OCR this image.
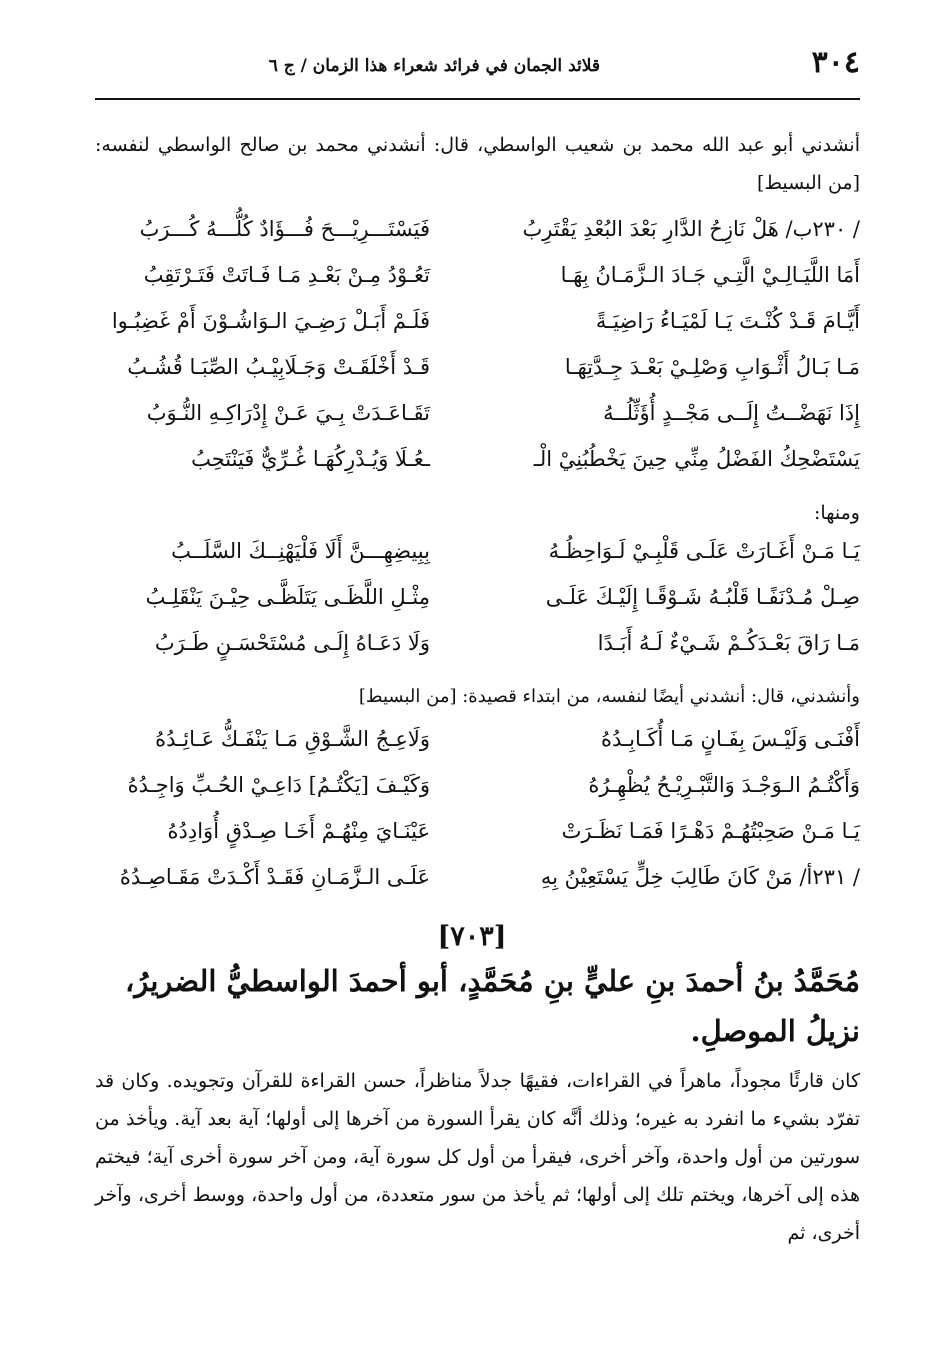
٣٠٤
قلائد الجمان في فرائد شعراء هذا الزمان / ج ٦

أنشدني أبو عبد الله محمد بن شعيب الواسطي، قال: أنشدني محمد بن صالح الواسطي لنفسه: [من البسيط]

/ ٢٣٠ب/ هَلْ نَازِحُ الدَّارِ بَعْدَ البُعْدِ يَقْتَرِبُ
فَيَسْتَـــرِيْـــحَ فُـــؤَادٌ كُلُّـــهُ كُـــرَبُ
أَمَا اللَّيَـالِـيْ الَّتِـي جَـادَ الـزَّمَـانُ بِهَـا
تَعُـوْدُ مِـنْ بَعْـدِ مَـا فَـاتَتْ فَتَـرْتَقِبُ
أَيَّـامَ قَـدْ كُنْـتَ يَـا لَمْيَـاءُ رَاضِيَـةً
فَلَـمْ أَبَـلْ رَضِـيَ الـوَاشُـوْنَ أَمْ غَضِبُـوا
مَـا بَـالُ أَثْـوَابِ وَصْلِـيْ بَعْـدَ جِـدَّتِهَـا
قَـدْ أَخْلَقَـتْ وَجَـلَابِيْـبُ الصِّبَـا قُشُـبُ
إِذَا نَهَضْــتُ إِلَــى مَجْــدٍ أُؤَثِّلُــهُ
تَقَـاعَـدَتْ بِـيَ عَـنْ إِدْرَاكِـهِ النُّـوَبُ
يَسْتَضْحِكُ الفَضْلُ مِنِّي حِينَ يَخْطُبُنِيْ الْـ
ـعُـلَا وَيُـدْرِكُهَـا غُـرِّيٌّ فَيَنْتَحِبُ
ومنها:
يَـا مَـنْ أَغَـارَتْ عَلَـى قَلْبِـيْ لَـوَاحِظُـهُ
بِبِيضِهِـــنَّ أَلَا فَلْيَهْنِــكَ السَّلَــبُ
صِـلْ مُـدْنَفًـا قَلْبُـهُ شَـوْقًـا إِلَيْـكَ عَلَـى
مِثْـلِ اللَّظَـى يَتَلَظَّـى حِيْـنَ يَنْقَلِـبُ
مَـا رَاقَ بَعْـدَكُـمْ شَـيْءٌ لَـهُ أَبَـدًا
وَلَا دَعَـاهُ إِلَـى مُسْتَحْسَـنٍ طَـرَبُ
وأنشدني، قال: أنشدني أيضًا لنفسه، من ابتداء قصيدة: [من البسيط]
أَفْنَـى وَلَيْـسَ بِفَـانٍ مَـا أُكَـابِـدُهُ
وَلَاعِـجُ الشَّـوْقِ مَـا يَنْفَـكُّ عَـائِـدُهُ
وَأَكْتُـمُ الـوَجْـدَ وَالتَّبْـرِيْـحُ يُظْهِـرُهُ
وَكَيْـفَ [يَكْتُـمُ] دَاعِـيْ الحُـبِّ وَاجِـدُهُ
يَـا مَـنْ صَحِبْتُهُـمْ دَهْـرًا فَمَـا نَظَـرَتْ
عَيْنَـايَ مِنْهُـمْ أَخَـا صِـدْقٍ أُوَادِدُهُ
/ ٢٣١أ/ مَنْ كَانَ طَالِبَ خِلٍّ يَسْتَعِيْنُ بِهِ
عَلَـى الـزَّمَـانِ فَقَـدْ أَكْـدَتْ مَقَـاصِـدُهُ
[٧٠٣]
مُحَمَّدُ بنُ أحمدَ بنِ عليٍّ بنِ مُحَمَّدٍ، أبو أحمدَ الواسطيُّ الضريرُ، نزيلُ الموصلِ.

كان قارئًا مجوداً، ماهراً في القراءات، فقيهًا جدلاً مناظراً، حسن القراءة للقرآن وتجويده. وكان قد تفرّد بشيء ما انفرد به غيره؛ وذلك أنَّه كان يقرأ السورة من آخرها إلى أولها؛ آية بعد آية. ويأخذ من سورتين من أول واحدة، وآخر أخرى، فيقرأ من أول كل سورة آية، ومن آخر سورة أخرى آية؛ فيختم هذه إلى آخرها، ويختم تلك إلى أولها؛ ثم يأخذ من سور متعددة، من أول واحدة، ووسط أخرى، وآخر أخرى، ثم
